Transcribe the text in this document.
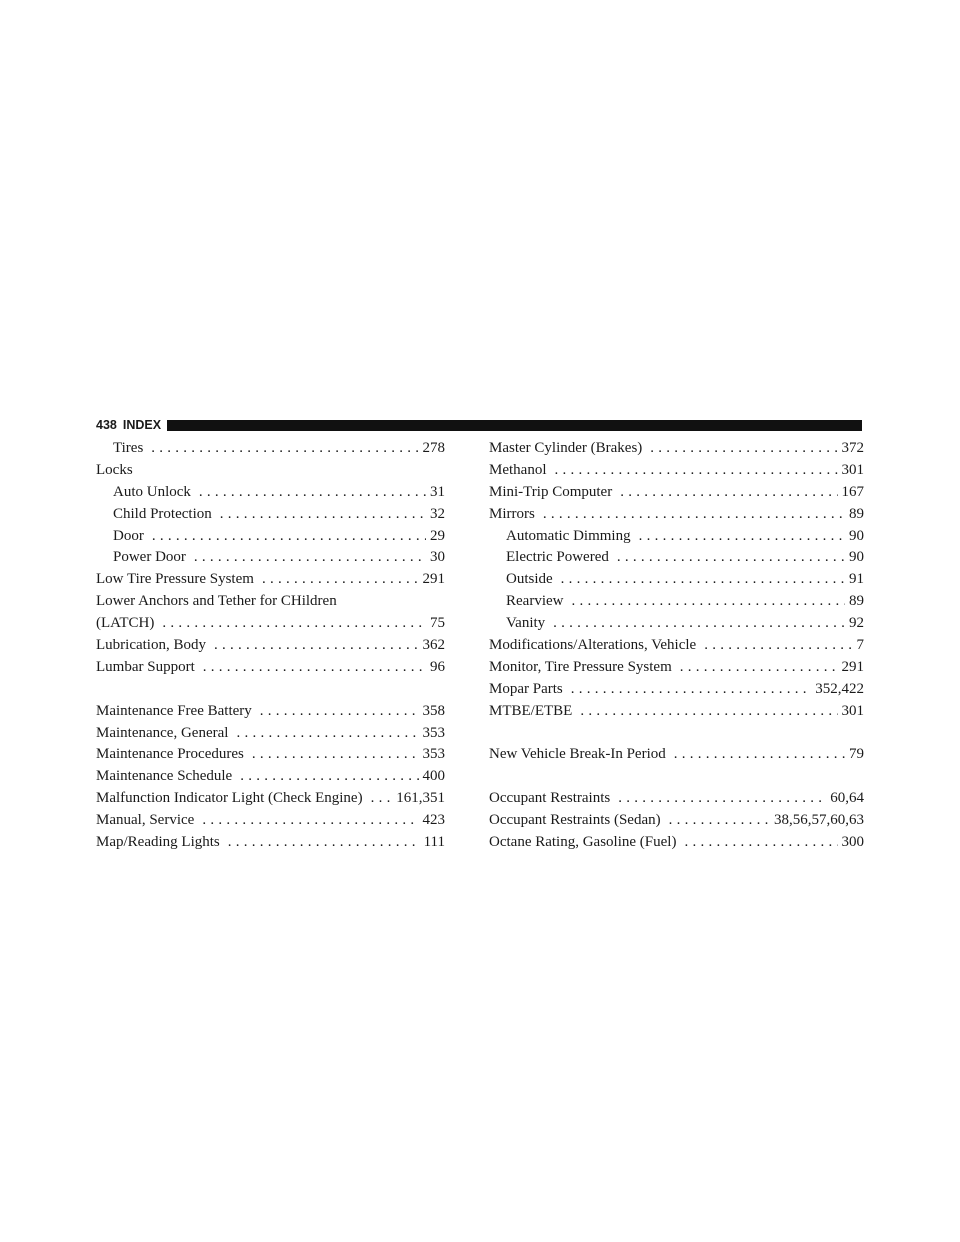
438 INDEX
Tires . . .	278
Locks
Auto Unlock . . .	31
Child Protection . . .	32
Door . . .	29
Power Door . . .	30
Low Tire Pressure System . . .	291
Lower Anchors and Tether for CHildren
(LATCH) . . .	75
Lubrication, Body . . .	362
Lumbar Support . . .	96
Maintenance Free Battery . . .	358
Maintenance, General . . .	353
Maintenance Procedures . . .	353
Maintenance Schedule . . .	400
Malfunction Indicator Light (Check Engine) . . . 161,351
Manual, Service . . .	423
Map/Reading Lights . . .	111
Master Cylinder (Brakes) . . .	372
Methanol . . .	301
Mini-Trip Computer . . .	167
Mirrors . . .	89
Automatic Dimming . . .	90
Electric Powered . . .	90
Outside . . .	91
Rearview . . .	89
Vanity . . .	92
Modifications/Alterations, Vehicle . . .	7
Monitor, Tire Pressure System . . .	291
Mopar Parts . . .	352,422
MTBE/ETBE . . .	301
New Vehicle Break-In Period . . .	79
Occupant Restraints . . .	60,64
Occupant Restraints (Sedan) . . .	38,56,57,60,63
Octane Rating, Gasoline (Fuel) . . .	300
